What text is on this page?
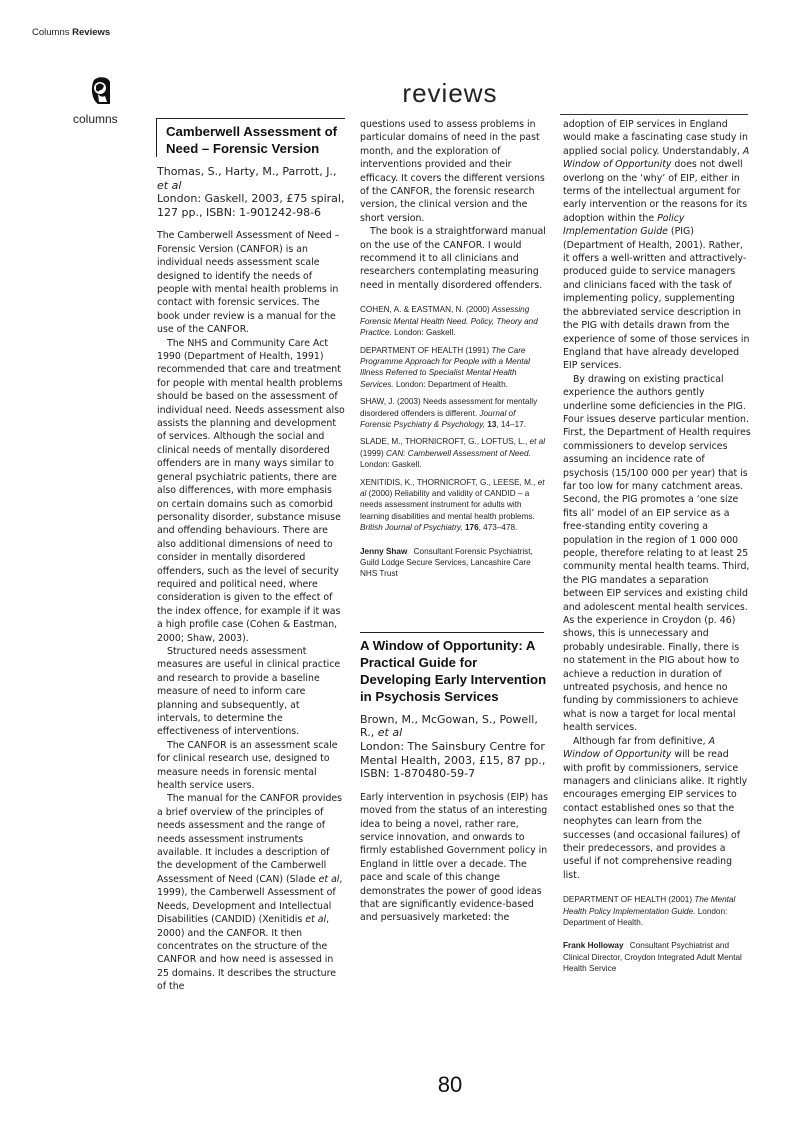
Columns Reviews
columns
reviews
Camberwell Assessment of Need – Forensic Version
Thomas, S., Harty, M., Parrott, J., et al
London: Gaskell, 2003, £75 spiral, 127 pp., ISBN: 1-901242-98-6

The Camberwell Assessment of Need – Forensic Version (CANFOR) is an individual needs assessment scale designed to identify the needs of people with mental health problems in contact with forensic services. The book under review is a manual for the use of the CANFOR.

The NHS and Community Care Act 1990 (Department of Health, 1991) recommended that care and treatment for people with mental health problems should be based on the assessment of individual need. Needs assessment also assists the planning and development of services. Although the social and clinical needs of mentally disordered offenders are in many ways similar to general psychiatric patients, there are also differences, with more emphasis on certain domains such as comorbid personality disorder, substance misuse and offending behaviours. There are also additional dimensions of need to consider in mentally disordered offenders, such as the level of security required and political need, where consideration is given to the effect of the index offence, for example if it was a high profile case (Cohen & Eastman, 2000; Shaw, 2003).

Structured needs assessment measures are useful in clinical practice and research to provide a baseline measure of need to inform care planning and subsequently, at intervals, to determine the effectiveness of interventions.

The CANFOR is an assessment scale for clinical research use, designed to measure needs in forensic mental health service users.

The manual for the CANFOR provides a brief overview of the principles of needs assessment and the range of needs assessment instruments available. It includes a description of the development of the Camberwell Assessment of Need (CAN) (Slade et al, 1999), the Camberwell Assessment of Needs, Development and Intellectual Disabilities (CANDID) (Xenitidis et al, 2000) and the CANFOR. It then concentrates on the structure of the CANFOR and how need is assessed in 25 domains. It describes the structure of the

questions used to assess problems in particular domains of need in the past month, and the exploration of interventions provided and their efficacy. It covers the different versions of the CANFOR, the forensic research version, the clinical version and the short version.

The book is a straightforward manual on the use of the CANFOR. I would recommend it to all clinicians and researchers contemplating measuring need in mentally disordered offenders.

COHEN, A. & EASTMAN, N. (2000) Assessing Forensic Mental Health Need. Policy, Theory and Practice. London: Gaskell.

DEPARTMENT OF HEALTH (1991) The Care Programme Approach for People with a Mental Illness Referred to Specialist Mental Health Services. London: Department of Health.

SHAW, J. (2003) Needs assessment for mentally disordered offenders is different. Journal of Forensic Psychiatry & Psychology, 13, 14–17.

SLADE, M., THORNICROFT, G., LOFTUS, L., et al (1999) CAN: Camberwell Assessment of Need. London: Gaskell.

XENITIDIS, K., THORNICROFT, G., LEESE, M., et al (2000) Reliability and validity of CANDID – a needs assessment instrument for adults with learning disabilities and mental health problems. British Journal of Psychiatry, 176, 473–478.

Jenny Shaw Consultant Forensic Psychiatrist, Guild Lodge Secure Services, Lancashire Care NHS Trust
A Window of Opportunity: A Practical Guide for Developing Early Intervention in Psychosis Services
Brown, M., McGowan, S., Powell, R., et al
London: The Sainsbury Centre for Mental Health, 2003, £15, 87 pp., ISBN: 1-870480-59-7

Early intervention in psychosis (EIP) has moved from the status of an interesting idea to being a novel, rather rare, service innovation, and onwards to firmly established Government policy in England in little over a decade. The pace and scale of this change demonstrates the power of good ideas that are significantly evidence-based and persuasively marketed: the

adoption of EIP services in England would make a fascinating case study in applied social policy. Understandably, A Window of Opportunity does not dwell overlong on the ‘why’ of EIP, either in terms of the intellectual argument for early intervention or the reasons for its adoption within the Policy Implementation Guide (PIG) (Department of Health, 2001). Rather, it offers a well-written and attractively-produced guide to service managers and clinicians faced with the task of implementing policy, supplementing the abbreviated service description in the PIG with details drawn from the experience of some of those services in England that have already developed EIP services.

By drawing on existing practical experience the authors gently underline some deficiencies in the PIG. Four issues deserve particular mention. First, the Department of Health requires commissioners to develop services assuming an incidence rate of psychosis (15/100 000 per year) that is far too low for many catchment areas. Second, the PIG promotes a ‘one size fits all’ model of an EIP service as a free-standing entity covering a population in the region of 1 000 000 people, therefore relating to at least 25 community mental health teams. Third, the PIG mandates a separation between EIP services and existing child and adolescent mental health services. As the experience in Croydon (p. 46) shows, this is unnecessary and probably undesirable. Finally, there is no statement in the PIG about how to achieve a reduction in duration of untreated psychosis, and hence no funding by commissioners to achieve what is now a target for local mental health services.

Although far from definitive, A Window of Opportunity will be read with profit by commissioners, service managers and clinicians alike. It rightly encourages emerging EIP services to contact established ones so that the neophytes can learn from the successes (and occasional failures) of their predecessors, and provides a useful if not comprehensive reading list.

DEPARTMENT OF HEALTH (2001) The Mental Health Policy Implementation Guide. London: Department of Health.

Frank Holloway Consultant Psychiatrist and Clinical Director, Croydon Integrated Adult Mental Health Service
80
